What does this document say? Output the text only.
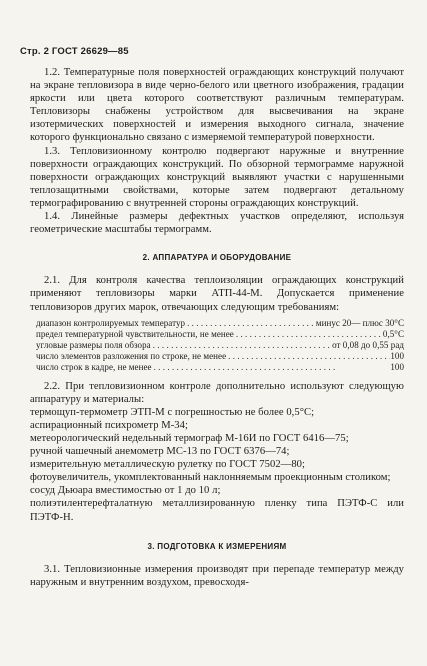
Стр. 2 ГОСТ 26629—85

1.2. Температурные поля поверхностей ограждающих конструкций получают на экране тепловизора в виде черно-белого или цветного изображения, градации яркости или цвета которого соответствуют различным температурам. Тепловизоры снабжены устройством для высвечивания на экране изотермических поверхностей и измерения выходного сигнала, значение которого функционально связано с измеряемой температурой поверхности.

1.3. Тепловизионному контролю подвергают наружные и внутренние поверхности ограждающих конструкций. По обзорной термограмме наружной поверхности ограждающих конструкций выявляют участки с нарушенными теплозащитными свойствами, которые затем подвергают детальному термографированию с внутренней стороны ограждающих конструкций.

1.4. Линейные размеры дефектных участков определяют, используя геометрические масштабы термограмм.

2. АППАРАТУРА И ОБОРУДОВАНИЕ

2.1. Для контроля качества теплоизоляции ограждающих конструкций применяют тепловизоры марки АТП-44-М. Допускается применение тепловизоров других марок, отвечающих следующим требованиям:

диапазон контролируемых температур . . .	минус 20— плюс 30°С
предел температурной чувствительности, не менее . . .	0,5°С
угловые размеры поля обзора . . .	от 0,08 до 0,55 рад
число элементов разложения по строке, не менее . . .	100
число строк в кадре, не менее . . .	100

2.2. При тепловизионном контроле дополнительно используют следующую аппаратуру и материалы:

термощуп-термометр ЭТП-М с погрешностью не более 0,5°С;

аспирационный психрометр М-34;

метеорологический недельный термограф М-16И по ГОСТ 6416—75;

ручной чашечный анемометр МС-13 по ГОСТ 6376—74;

измерительную металлическую рулетку по ГОСТ 7502—80;

фотоувеличитель, укомплектованный наклонняемым проекционным столиком;

сосуд Дьюара вместимостью от 1 до 10 л;

полиэтилентерефталатную металлизированную пленку типа ПЭТФ-С или ПЭТФ-Н.

3. ПОДГОТОВКА К ИЗМЕРЕНИЯМ

3.1. Тепловизионные измерения производят при перепаде температур между наружным и внутренним воздухом, превосходя-
